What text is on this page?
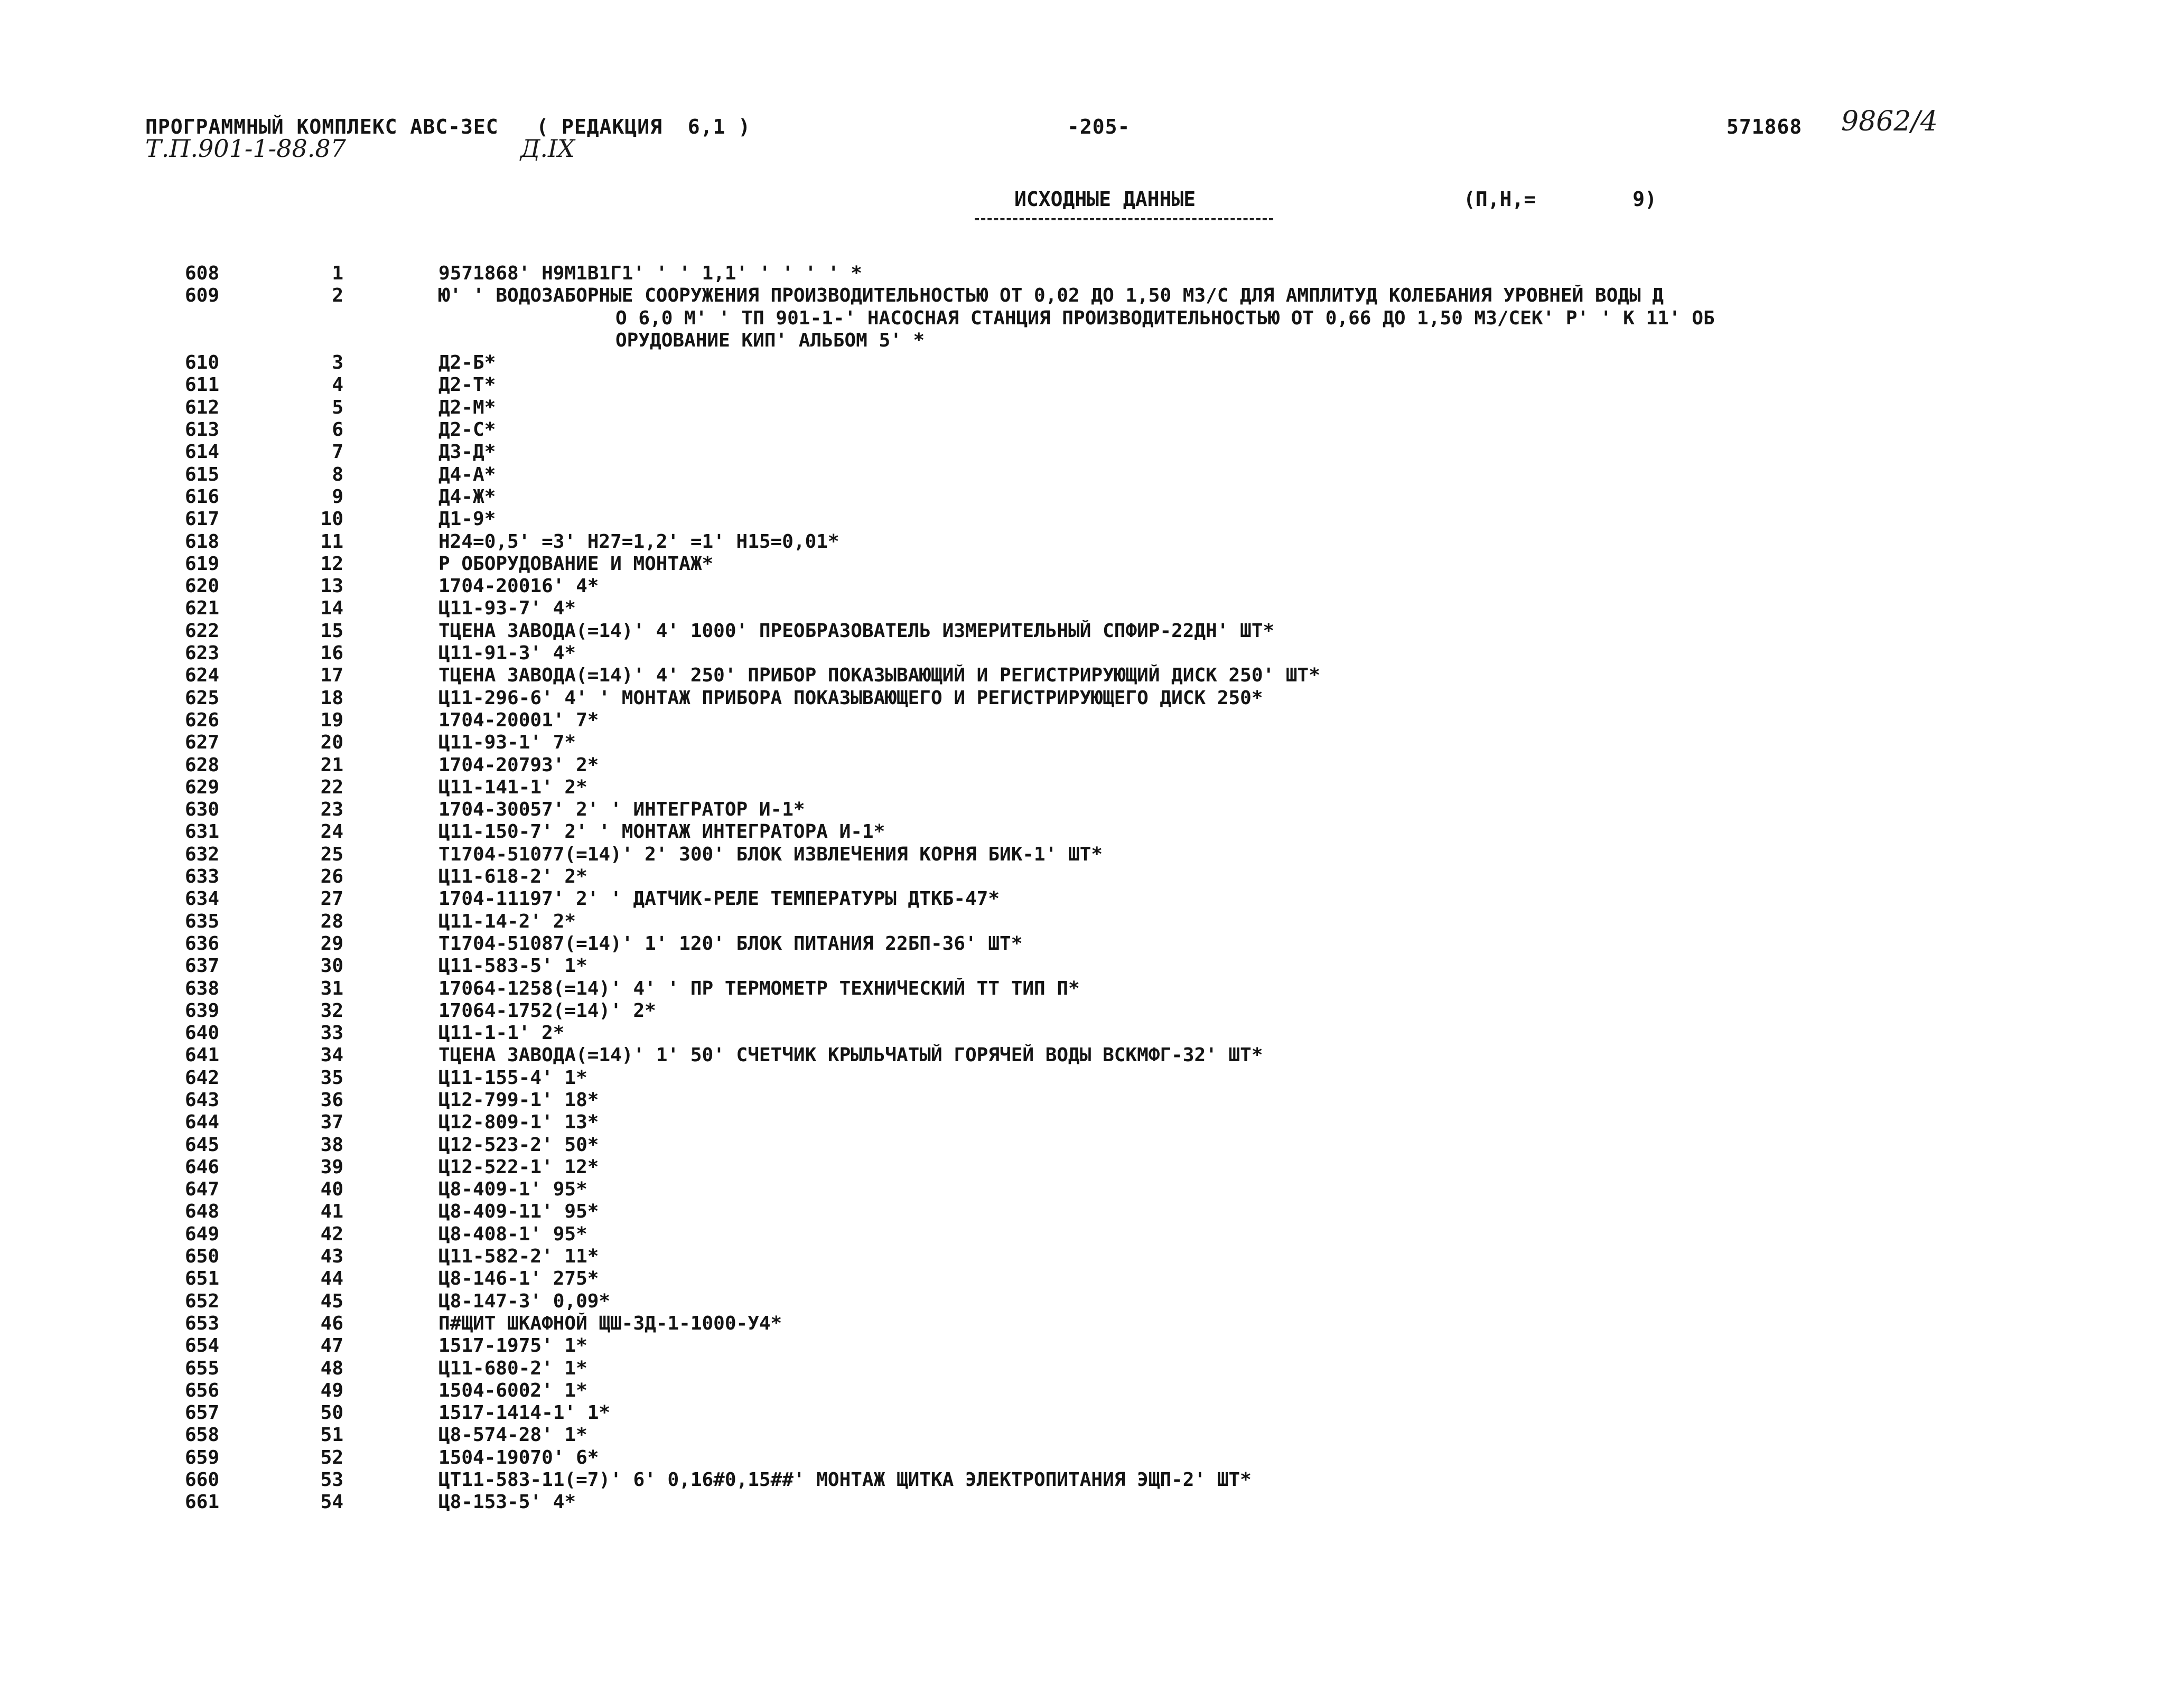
ПРОГРАММНЫЙ КОМПЛЕКС АВС-3ЕС   ( РЕДАКЦИЯ  6,1 )	-205-	571868 9862/4
Т.П.901-1-88.87	Д.IX
ИСХОДНЫЕ ДАННЫЕ	(П,Н,=        9)
608	1	9571868' Н9М1В1Г1' ' ' 1,1' ' ' ' ' *
609	2	Ю' ' ВОДОЗАБОРНЫЕ СООРУЖЕНИЯ ПРОИЗВОДИТЕЛЬНОСТЬЮ ОТ 0,02 ДО 1,50 М3/С ДЛЯ АМПЛИТУД КОЛЕБАНИЯ УРОВНЕЙ ВОДЫ Д
О 6,0 М' ' ТП 901-1-' НАСОСНАЯ СТАНЦИЯ ПРОИЗВОДИТЕЛЬНОСТЬЮ ОТ 0,66 ДО 1,50 М3/СЕК' Р' ' К 11' ОБ
ОРУДОВАНИЕ КИП' АЛЬБОМ 5' *
610	3	Д2-Б*
611	4	Д2-Т*
612	5	Д2-М*
613	6	Д2-С*
614	7	Д3-Д*
615	8	Д4-А*
616	9	Д4-Ж*
617	10	Д1-9*
618	11	Н24=0,5' =3' Н27=1,2' =1' Н15=0,01*
619	12	Р ОБОРУДОВАНИЕ И МОНТАЖ*
620	13	1704-20016' 4*
621	14	Ц11-93-7' 4*
622	15	ТЦЕНА ЗАВОДА(=14)' 4' 1000' ПРЕОБРАЗОВАТЕЛЬ ИЗМЕРИТЕЛЬНЫЙ СПФИР-22ДН' ШТ*
623	16	Ц11-91-3' 4*
624	17	ТЦЕНА ЗАВОДА(=14)' 4' 250' ПРИБОР ПОКАЗЫВАЮЩИЙ И РЕГИСТРИРУЮЩИЙ ДИСК 250' ШТ*
625	18	Ц11-296-6' 4' ' МОНТАЖ ПРИБОРА ПОКАЗЫВАЮЩЕГО И РЕГИСТРИРУЮЩЕГО ДИСК 250*
626	19	1704-20001' 7*
627	20	Ц11-93-1' 7*
628	21	1704-20793' 2*
629	22	Ц11-141-1' 2*
630	23	1704-30057' 2' ' ИНТЕГРАТОР И-1*
631	24	Ц11-150-7' 2' ' МОНТАЖ ИНТЕГРАТОРА И-1*
632	25	Т1704-51077(=14)' 2' 300' БЛОК ИЗВЛЕЧЕНИЯ КОРНЯ БИК-1' ШТ*
633	26	Ц11-618-2' 2*
634	27	1704-11197' 2' ' ДАТЧИК-РЕЛЕ ТЕМПЕРАТУРЫ ДТКБ-47*
635	28	Ц11-14-2' 2*
636	29	Т1704-51087(=14)' 1' 120' БЛОК ПИТАНИЯ 22БП-36' ШТ*
637	30	Ц11-583-5' 1*
638	31	17064-1258(=14)' 4' ' ПР ТЕРМОМЕТР ТЕХНИЧЕСКИЙ ТТ ТИП П*
639	32	17064-1752(=14)' 2*
640	33	Ц11-1-1' 2*
641	34	ТЦЕНА ЗАВОДА(=14)' 1' 50' СЧЕТЧИК КРЫЛЬЧАТЫЙ ГОРЯЧЕЙ ВОДЫ ВСКМФГ-32' ШТ*
642	35	Ц11-155-4' 1*
643	36	Ц12-799-1' 18*
644	37	Ц12-809-1' 13*
645	38	Ц12-523-2' 50*
646	39	Ц12-522-1' 12*
647	40	Ц8-409-1' 95*
648	41	Ц8-409-11' 95*
649	42	Ц8-408-1' 95*
650	43	Ц11-582-2' 11*
651	44	Ц8-146-1' 275*
652	45	Ц8-147-3' 0,09*
653	46	П#ЩИТ ШКАФНОЙ ЩШ-3Д-1-1000-У4*
654	47	1517-1975' 1*
655	48	Ц11-680-2' 1*
656	49	1504-6002' 1*
657	50	1517-1414-1' 1*
658	51	Ц8-574-28' 1*
659	52	1504-19070' 6*
660	53	ЦТ11-583-11(=7)' 6' 0,16#0,15##' МОНТАЖ ЩИТКА ЭЛЕКТРОПИТАНИЯ ЭЩП-2' ШТ*
661	54	Ц8-153-5' 4*
